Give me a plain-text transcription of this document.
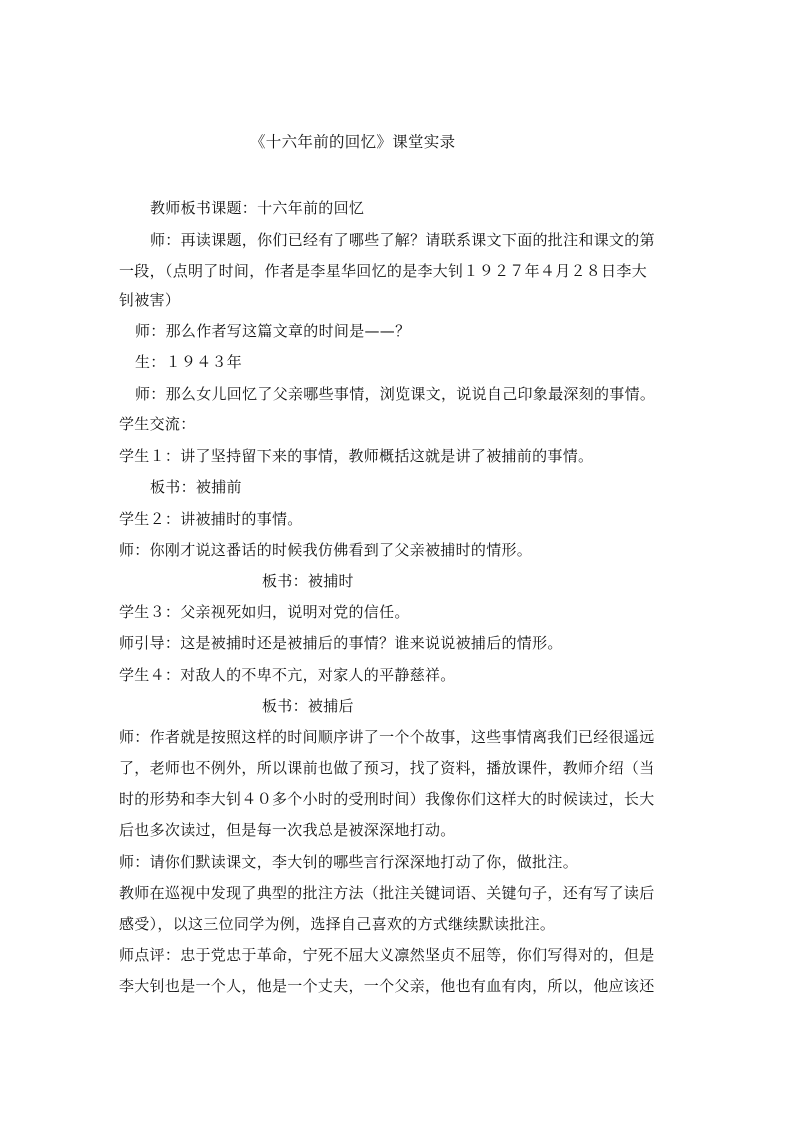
《十六年前的回忆》课堂实录
教师板书课题：十六年前的回忆
师：再读课题，你们已经有了哪些了解？请联系课文下面的批注和课文的第
一段，（点明了时间，作者是李星华回忆的是李大钊１９２７年４月２８日李大
钊被害）
师：那么作者写这篇文章的时间是——？
生：１９４３年
师：那么女儿回忆了父亲哪些事情，浏览课文，说说自己印象最深刻的事情。
学生交流：
学生１：讲了坚持留下来的事情，教师概括这就是讲了被捕前的事情。
板书：被捕前
学生２：讲被捕时的事情。
师：你刚才说这番话的时候我仿佛看到了父亲被捕时的情形。
板书：被捕时
学生３：父亲视死如归，说明对党的信任。
师引导：这是被捕时还是被捕后的事情？谁来说说被捕后的情形。
学生４：对敌人的不卑不亢，对家人的平静慈祥。
板书：被捕后
师：作者就是按照这样的时间顺序讲了一个个故事，这些事情离我们已经很遥远
了，老师也不例外，所以课前也做了预习，找了资料，播放课件，教师介绍（当
时的形势和李大钊４０多个小时的受刑时间）我像你们这样大的时候读过，长大
后也多次读过，但是每一次我总是被深深地打动。
师：请你们默读课文，李大钊的哪些言行深深地打动了你，做批注。
教师在巡视中发现了典型的批注方法（批注关键词语、关键句子，还有写了读后
感受），以这三位同学为例，选择自己喜欢的方式继续默读批注。
师点评：忠于党忠于革命，宁死不屈大义凛然坚贞不屈等，你们写得对的，但是
李大钊也是一个人，他是一个丈夫，一个父亲，他也有血有肉，所以，他应该还
